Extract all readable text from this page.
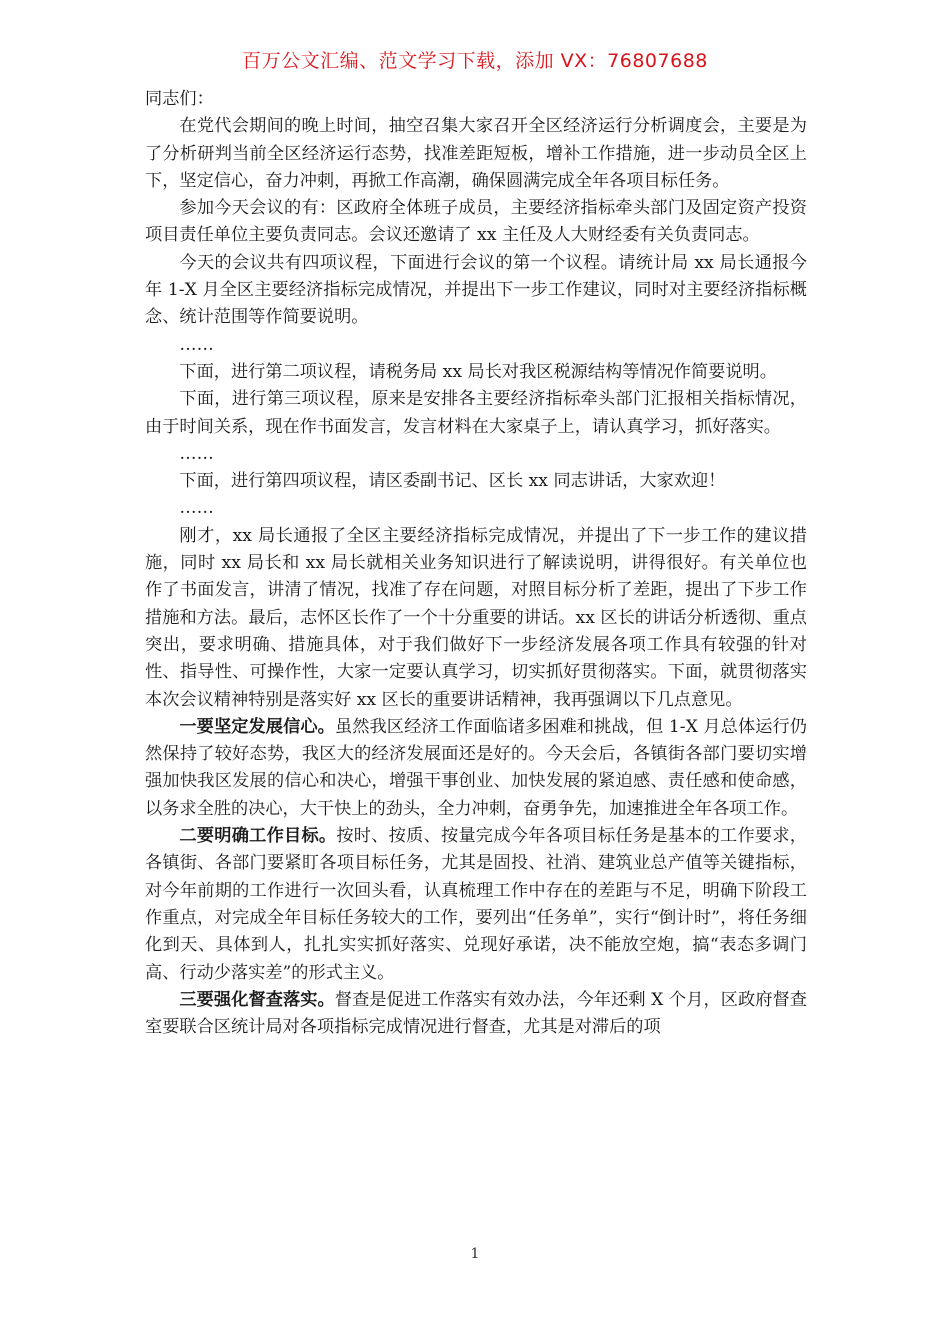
百万公文汇编、范文学习下载，添加 VX：76807688

同志们：

在党代会期间的晚上时间，抽空召集大家召开全区经济运行分析调度会，主要是为了分析研判当前全区经济运行态势，找准差距短板，增补工作措施，进一步动员全区上下，坚定信心，奋力冲刺，再掀工作高潮，确保圆满完成全年各项目标任务。

参加今天会议的有：区政府全体班子成员，主要经济指标牵头部门及固定资产投资项目责任单位主要负责同志。会议还邀请了 xx 主任及人大财经委有关负责同志。

今天的会议共有四项议程，下面进行会议的第一个议程。请统计局 xx 局长通报今年 1-X 月全区主要经济指标完成情况，并提出下一步工作建议，同时对主要经济指标概念、统计范围等作简要说明。

……

下面，进行第二项议程，请税务局 xx 局长对我区税源结构等情况作简要说明。

下面，进行第三项议程，原来是安排各主要经济指标牵头部门汇报相关指标情况，由于时间关系，现在作书面发言，发言材料在大家桌子上，请认真学习，抓好落实。

……

下面，进行第四项议程，请区委副书记、区长 xx 同志讲话，大家欢迎！

……

刚才，xx 局长通报了全区主要经济指标完成情况，并提出了下一步工作的建议措施，同时 xx 局长和 xx 局长就相关业务知识进行了解读说明，讲得很好。有关单位也作了书面发言，讲清了情况，找准了存在问题，对照目标分析了差距，提出了下步工作措施和方法。最后，志怀区长作了一个十分重要的讲话。xx 区长的讲话分析透彻、重点突出，要求明确、措施具体，对于我们做好下一步经济发展各项工作具有较强的针对性、指导性、可操作性，大家一定要认真学习，切实抓好贯彻落实。下面，就贯彻落实本次会议精神特别是落实好 xx 区长的重要讲话精神，我再强调以下几点意见。

一要坚定发展信心。虽然我区经济工作面临诸多困难和挑战，但 1-X 月总体运行仍然保持了较好态势，我区大的经济发展面还是好的。今天会后，各镇街各部门要切实增强加快我区发展的信心和决心，增强干事创业、加快发展的紧迫感、责任感和使命感，以务求全胜的决心，大干快上的劲头，全力冲刺，奋勇争先，加速推进全年各项工作。

二要明确工作目标。按时、按质、按量完成今年各项目标任务是基本的工作要求，各镇街、各部门要紧盯各项目标任务，尤其是固投、社消、建筑业总产值等关键指标，对今年前期的工作进行一次回头看，认真梳理工作中存在的差距与不足，明确下阶段工作重点，对完成全年目标任务较大的工作，要列出“任务单”，实行“倒计时”，将任务细化到天、具体到人，扎扎实实抓好落实、兑现好承诺，决不能放空炮，搞“表态多调门高、行动少落实差”的形式主义。

三要强化督查落实。督查是促进工作落实有效办法，今年还剩 X 个月，区政府督查室要联合区统计局对各项指标完成情况进行督查，尤其是对滞后的项

1
